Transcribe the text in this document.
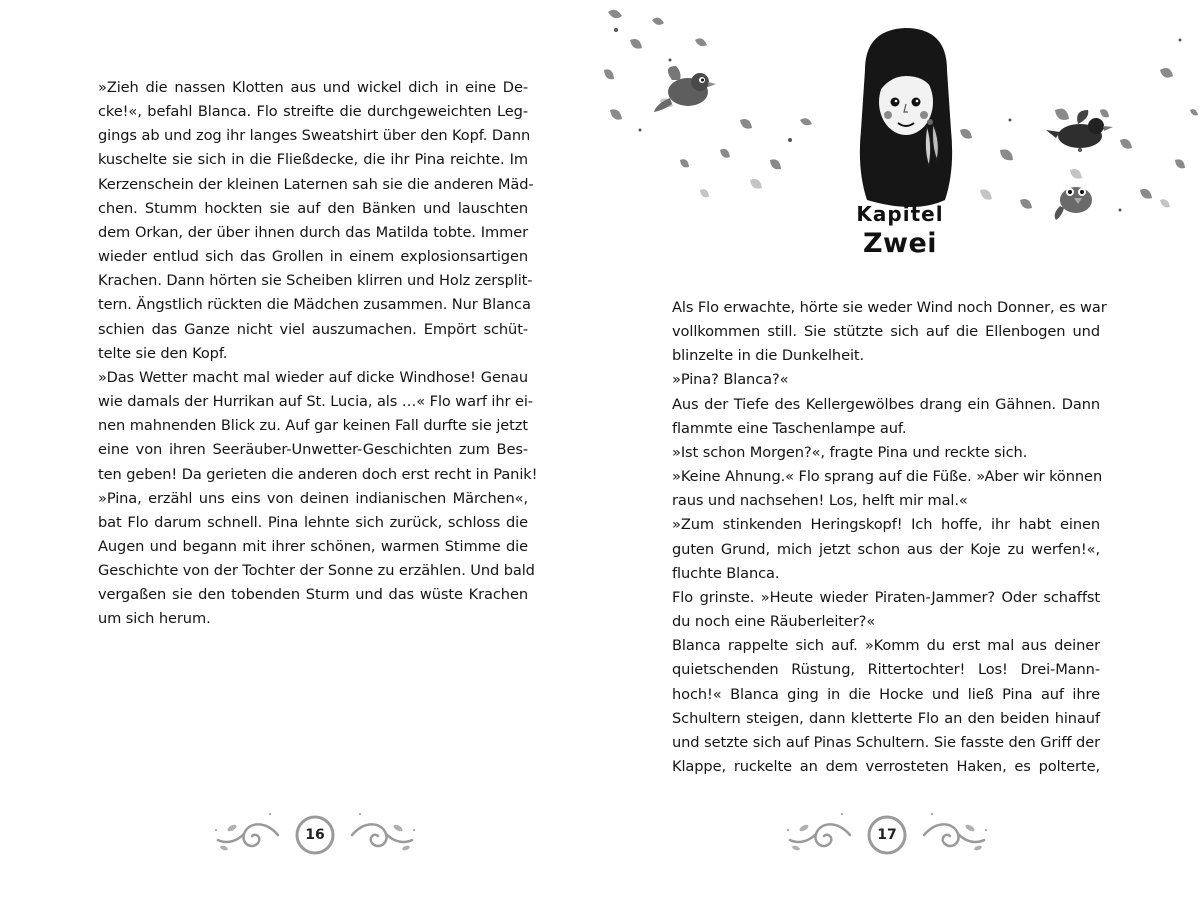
»Zieh die nassen Klotten aus und wickel dich in eine De-
cke!«, befahl Blanca. Flo streifte die durchgeweichten Leg-
gings ab und zog ihr langes Sweatshirt über den Kopf. Dann
kuschelte sie sich in die Fließdecke, die ihr Pina reichte. Im
Kerzenschein der kleinen Laternen sah sie die anderen Mäd-
chen. Stumm hockten sie auf den Bänken und lauschten
dem Orkan, der über ihnen durch das Matilda tobte. Immer
wieder entlud sich das Grollen in einem explosionsartigen
Krachen. Dann hörten sie Scheiben klirren und Holz zersplit-
tern. Ängstlich rückten die Mädchen zusammen. Nur Blanca
schien das Ganze nicht viel auszumachen. Empört schüt-
telte sie den Kopf.
»Das Wetter macht mal wieder auf dicke Windhose! Genau
wie damals der Hurrikan auf St. Lucia, als …« Flo warf ihr ei-
nen mahnenden Blick zu. Auf gar keinen Fall durfte sie jetzt
eine von ihren Seeräuber-Unwetter-Geschichten zum Bes-
ten geben! Da gerieten die anderen doch erst recht in Panik!
»Pina, erzähl uns eins von deinen indianischen Märchen«,
bat Flo darum schnell. Pina lehnte sich zurück, schloss die
Augen und begann mit ihrer schönen, warmen Stimme die
Geschichte von der Tochter der Sonne zu erzählen. Und bald
vergaßen sie den tobenden Sturm und das wüste Krachen
um sich herum.
16
Kapitel
Zwei
Als Flo erwachte, hörte sie weder Wind noch Donner, es war
vollkommen still. Sie stützte sich auf die Ellenbogen und
blinzelte in die Dunkelheit.
»Pina? Blanca?«
Aus der Tiefe des Kellergewölbes drang ein Gähnen. Dann
flammte eine Taschenlampe auf.
»Ist schon Morgen?«, fragte Pina und reckte sich.
»Keine Ahnung.« Flo sprang auf die Füße. »Aber wir können
raus und nachsehen! Los, helft mir mal.«
»Zum stinkenden Heringskopf! Ich hoffe, ihr habt einen
guten Grund, mich jetzt schon aus der Koje zu werfen!«,
fluchte Blanca.
Flo grinste. »Heute wieder Piraten-Jammer? Oder schaffst
du noch eine Räuberleiter?«
Blanca rappelte sich auf. »Komm du erst mal aus deiner
quietschenden Rüstung, Rittertochter! Los! Drei-Mann-
hoch!« Blanca ging in die Hocke und ließ Pina auf ihre
Schultern steigen, dann kletterte Flo an den beiden hinauf
und setzte sich auf Pinas Schultern. Sie fasste den Griff der
Klappe, ruckelte an dem verrosteten Haken, es polterte,
17
